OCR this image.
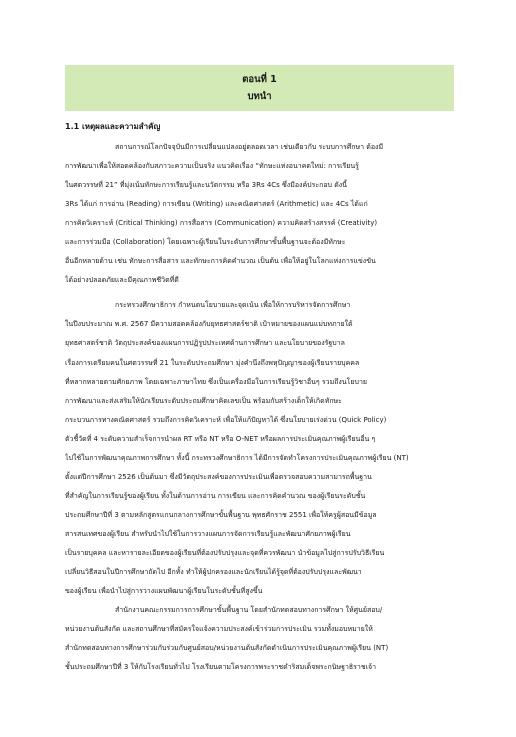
ตอนที่ 1
บทนำ
1.1 เหตุผลและความสำคัญ
สถานการณ์โลกปัจจุบันมีการเปลี่ยนแปลงอยู่ตลอดเวลา เช่นเดียวกับ ระบบการศึกษา ต้องมี
การพัฒนาเพื่อให้สอดคล้องกับสภาวะความเป็นจริง แนวคิดเรื่อง “ทักษะแห่งอนาคตใหม่: การเรียนรู้
ในศตวรรษที่ 21” ที่มุ่งเน้นทักษะการเรียนรู้และนวัตกรรม หรือ 3Rs 4Cs ซึ่งมีองค์ประกอบ ดังนี้
3Rs ได้แก่ การอ่าน (Reading) การเขียน (Writing) และคณิตศาสตร์ (Arithmetic) และ 4Cs ได้แก่
การคิดวิเคราะห์ (Critical Thinking) การสื่อสาร (Communication) ความคิดสร้างสรรค์ (Creativity)
และการร่วมมือ (Collaboration) โดยเฉพาะผู้เรียนในระดับการศึกษาขั้นพื้นฐานจะต้องมีทักษะ
อื่นอีกหลายด้าน เช่น ทักษะการสื่อสาร และทักษะการคิดคำนวณ เป็นต้น เพื่อให้อยู่ในโลกแห่งการแข่งขัน
ได้อย่างปลอดภัยและมีคุณภาพชีวิตที่ดี
กระทรวงศึกษาธิการ กำหนดนโยบายและจุดเน้น เพื่อให้การบริหารจัดการศึกษา
ในปีงบประมาณ พ.ศ. 2567 มีความสอดคล้องกับยุทธศาสตร์ชาติ เป้าหมายของแผนแม่บทภายใต้
ยุทธศาสตร์ชาติ วัตถุประสงค์ของแผนการปฏิรูปประเทศด้านการศึกษา และนโยบายของรัฐบาล
เรื่องการเตรียมคนในศตวรรษที่ 21 ในระดับประถมศึกษา มุ่งคำนึงถึงพหุปัญญาของผู้เรียนรายบุคคล
ที่หลากหลายตามศักยภาพ โดยเฉพาะภาษาไทย ซึ่งเป็นเครื่องมือในการเรียนรู้วิชาอื่นๆ รวมถึงนโยบาย
การพัฒนาและส่งเสริมให้นักเรียนระดับประถมศึกษาคิดเลขเป็น พร้อมกับสร้างเด็กให้เกิดทักษะ
กระบวนการทางคณิตศาสตร์ รวมถึงการคิดวิเคราะห์ เพื่อให้แก้ปัญหาได้ ซึ่งนโยบายเร่งด่วน (Quick Policy)
ตัวชี้วัดที่ 4 ระดับความสำเร็จการนำผล RT หรือ NT หรือ O-NET หรือผลการประเมินคุณภาพผู้เรียนอื่น ๆ
ไปใช้ในการพัฒนาคุณภาพการศึกษา ทั้งนี้ กระทรวงศึกษาธิการ ได้มีการจัดทำโครงการประเมินคุณภาพผู้เรียน (NT)
ตั้งแต่ปีการศึกษา 2526 เป็นต้นมา ซึ่งมีวัตถุประสงค์ของการประเมินเพื่อตรวจสอบความสามารถพื้นฐาน
ที่สำคัญในการเรียนรู้ของผู้เรียน ทั้งในด้านการอ่าน การเขียน และการคิดคำนวณ ของผู้เรียนระดับชั้น
ประถมศึกษาปีที่ 3 ตามหลักสูตรแกนกลางการศึกษาขั้นพื้นฐาน พุทธศักราช 2551 เพื่อให้ครูผู้สอนมีข้อมูล
สารสนเทศของผู้เรียน สำหรับนำไปใช้ในการวางแผนการจัดการเรียนรู้และพัฒนาศักยภาพผู้เรียน
เป็นรายบุคคล และหารายละเอียดของผู้เรียนที่ต้องปรับปรุงและจุดที่ควรพัฒนา นำข้อมูลไปสู่การปรับวิธีเรียน
เปลี่ยนวิธีสอนในปีการศึกษาถัดไป อีกทั้ง ทำให้ผู้ปกครองและนักเรียนได้รู้จุดที่ต้องปรับปรุงและพัฒนา
ของผู้เรียน เพื่อนำไปสู่การวางแผนพัฒนาผู้เรียนในระดับชั้นที่สูงขึ้น
สำนักงานคณะกรรมการการศึกษาขั้นพื้นฐาน โดยสำนักทดสอบทางการศึกษา ให้ศูนย์สอบ/
หน่วยงานต้นสังกัด และสถานศึกษาที่สมัครใจแจ้งความประสงค์เข้าร่วมการประเมิน รวมทั้งมอบหมายให้
สำนักทดสอบทางการศึกษาร่วมกับร่วมกับศูนย์สอบ/หน่วยงานต้นสังกัดดำเนินการประเมินคุณภาพผู้เรียน (NT)
ชั้นประถมศึกษาปีที่ 3 ให้กับโรงเรียนทั่วไป โรงเรียนตามโครงการพระราชดำริสมเด็จพระกนิษฐาธิราชเจ้า
